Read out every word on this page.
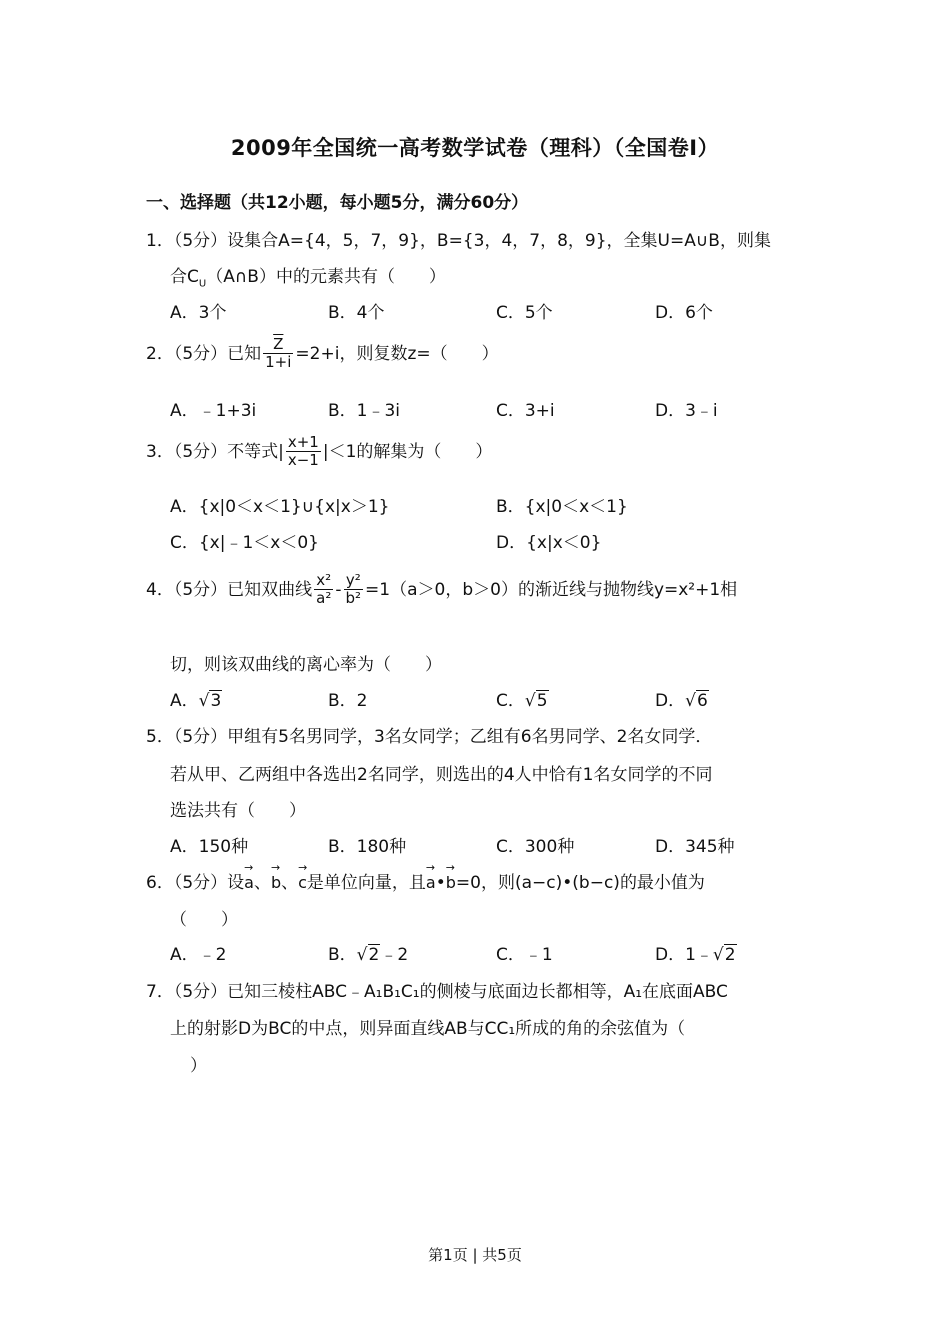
2009年全国统一高考数学试卷（理科）（全国卷Ⅰ）
一、选择题（共12小题，每小题5分，满分60分）
1．（5分）设集合A={4，5，7，9}，B={3，4，7，8，9}，全集U=A∪B，则集
合$C_U(A\cap B)$中的元素共有（　　）
A．3个	B．4个	C．5个	D．6个
2．（5分）已知 $\frac{\overline{Z}}{1+i} =2+i$，则复数z=（　　）
A．﹣1+3i	B．1﹣3i	C．3+i	D．3﹣i
3．（5分）不等式| $\frac{x+1}{x-1} |<1$的解集为（　　）
A．{x|0＜x＜1}∪{x|x＞1}	B．{x|0＜x＜1}
C．{x|﹣1＜x＜0}	D．{x|x＜0}
4．（5分）已知双曲线 $\frac{\text{x²}}{\text{a²}} - \frac{\text{y²}}{\text{b²}} =1(a>0$，b＞0）的渐近线与抛物线y=x²+1相
切，则该双曲线的离心率为（　　）
A．√3	B．2	C．√5	D．√6
5．（5分）甲组有5名男同学，3名女同学；乙组有6名男同学、2名女同学．
若从甲、乙两组中各选出2名同学，则选出的4人中恰有1名女同学的不同
选法共有（　　）
A．150种	B．180种	C．300种	D．345种
6．（5分）设→ a、→ b、→ c是单位向量，且→ a•→ b=0，则(a−c)•(b−c)的最小值为
（　　）
A．﹣2	B．√2﹣2	C．﹣1	D．1﹣√2
7．（5分）已知三棱柱ABC﹣A₁B₁C₁的侧棱与底面边长都相等，A₁在底面ABC
上的射影D为BC的中点，则异面直线AB与CC₁所成的角的余弦值为（
）
第1页 | 共5页
